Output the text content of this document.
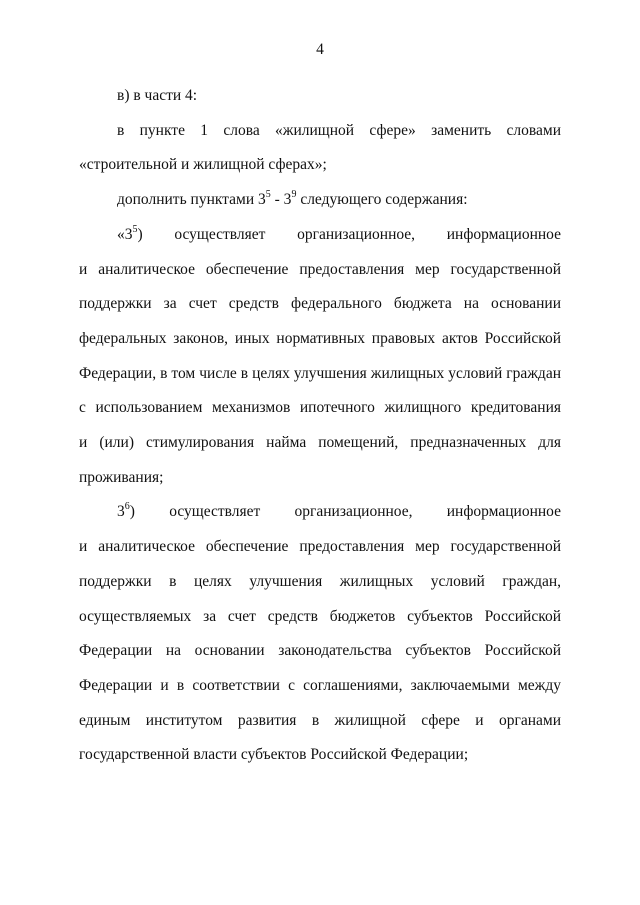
4

в) в части 4:

в пункте 1 слова «жилищной сфере» заменить словами
«строительной и жилищной сферах»;

дополнить пунктами $3^5 - 3^9$ следующего содержания:

«$3^5$) осуществляет организационное, информационное
и аналитическое обеспечение предоставления мер государственной
поддержки за счет средств федерального бюджета на основании
федеральных законов, иных нормативных правовых актов Российской
Федерации, в том числе в целях улучшения жилищных условий граждан
с использованием механизмов ипотечного жилищного кредитования
и (или) стимулирования найма помещений, предназначенных для
проживания;

$3^6$) осуществляет организационное, информационное
и аналитическое обеспечение предоставления мер государственной
поддержки в целях улучшения жилищных условий граждан,
осуществляемых за счет средств бюджетов субъектов Российской
Федерации на основании законодательства субъектов Российской
Федерации и в соответствии с соглашениями, заключаемыми между
единым институтом развития в жилищной сфере и органами
государственной власти субъектов Российской Федерации;
